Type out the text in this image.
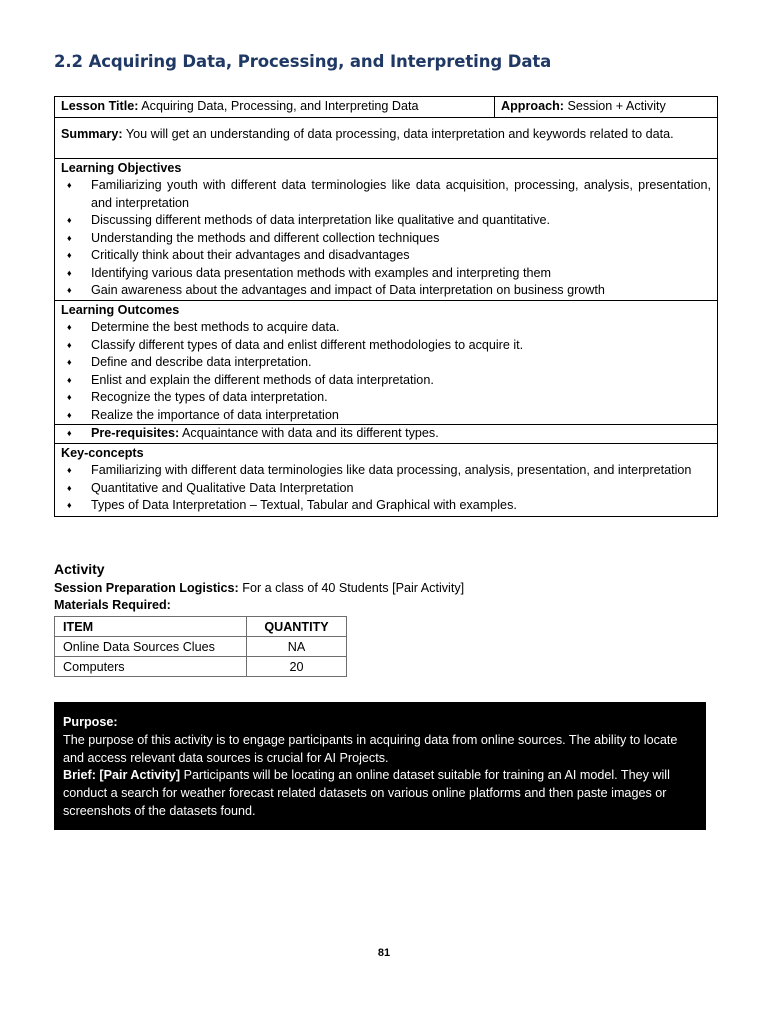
2.2 Acquiring Data, Processing, and Interpreting Data
Lesson Title: Acquiring Data, Processing, and Interpreting Data	Approach: Session + Activity
Summary: You will get an understanding of data processing, data interpretation and keywords related to data.

Learning Objectives
♦ Familiarizing youth with different data terminologies like data acquisition, processing, analysis, presentation, and interpretation
♦ Discussing different methods of data interpretation like qualitative and quantitative.
♦ Understanding the methods and different collection techniques
♦ Critically think about their advantages and disadvantages
♦ Identifying various data presentation methods with examples and interpreting them
♦ Gain awareness about the advantages and impact of Data interpretation on business growth

Learning Outcomes
♦ Determine the best methods to acquire data.
♦ Classify different types of data and enlist different methodologies to acquire it.
♦ Define and describe data interpretation.
♦ Enlist and explain the different methods of data interpretation.
♦ Recognize the types of data interpretation.
♦ Realize the importance of data interpretation

♦ Pre-requisites: Acquaintance with data and its different types.

Key-concepts
♦ Familiarizing with different data terminologies like data processing, analysis, presentation, and interpretation
♦ Quantitative and Qualitative Data Interpretation
♦ Types of Data Interpretation – Textual, Tabular and Graphical with examples.
Activity
Session Preparation Logistics: For a class of 40 Students [Pair Activity]
Materials Required:
ITEM	QUANTITY
Online Data Sources Clues	NA
Computers	20
Purpose:
The purpose of this activity is to engage participants in acquiring data from online sources. The ability to locate and access relevant data sources is crucial for AI Projects.
Brief: [Pair Activity] Participants will be locating an online dataset suitable for training an AI model. They will conduct a search for weather forecast related datasets on various online platforms and then paste images or screenshots of the datasets found.
81
